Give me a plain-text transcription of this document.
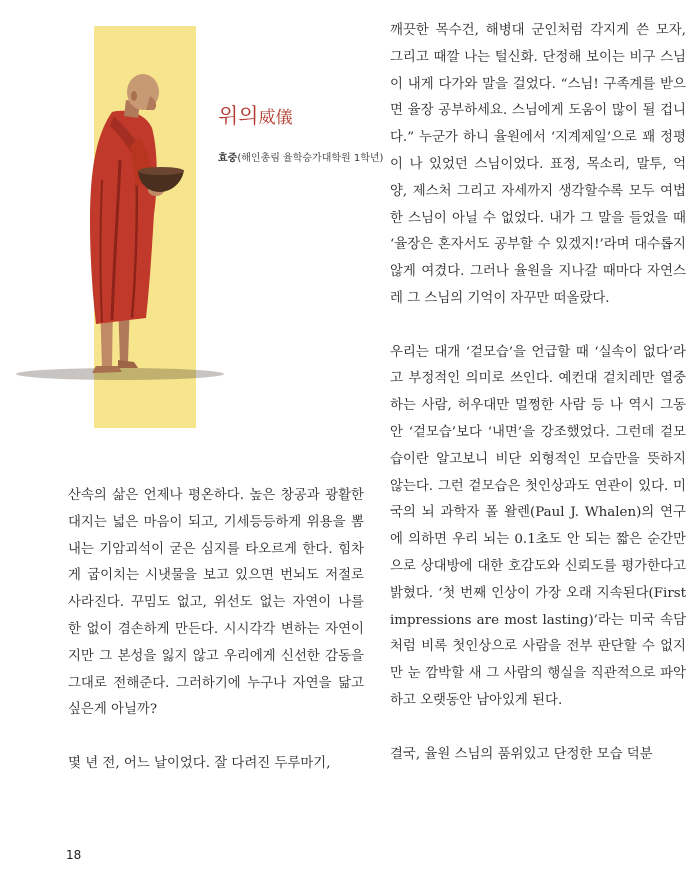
위의威儀
효중(해인총림 율학승가대학원 1학년)

산속의 삶은 언제나 평온하다. 높은 창공과 광활한 대지는 넓은 마음이 되고, 기세등등하게 위용을 뽐내는 기암괴석이 굳은 심지를 타오르게 한다. 힘차게 굽이치는 시냇물을 보고 있으면 번뇌도 저절로 사라진다. 꾸밈도 없고, 위선도 없는 자연이 나를 한 없이 겸손하게 만든다. 시시각각 변하는 자연이지만 그 본성을 잃지 않고 우리에게 신선한 감동을 그대로 전해준다. 그러하기에 누구나 자연을 닮고 싶은게 아닐까?

몇 년 전, 어느 날이었다. 잘 다려진 두루마기,

깨끗한 목수건, 해병대 군인처럼 각지게 쓴 모자, 그리고 때깔 나는 털신화. 단정해 보이는 비구 스님이 내게 다가와 말을 걸었다. “스님! 구족계를 받으면 율장 공부하세요. 스님에게 도움이 많이 될 겁니다.” 누군가 하니 율원에서 ‘지계제일’으로 꽤 정평이 나 있었던 스님이었다. 표정, 목소리, 말투, 억양, 제스처 그리고 자세까지 생각할수록 모두 여법한 스님이 아닐 수 없었다. 내가 그 말을 들었을 때 ‘율장은 혼자서도 공부할 수 있겠지!’라며 대수롭지 않게 여겼다. 그러나 율원을 지나갈 때마다 자연스레 그 스님의 기억이 자꾸만 떠올랐다.

우리는 대개 ‘겉모습’을 언급할 때 ‘실속이 없다’라고 부정적인 의미로 쓰인다. 예컨대 겉치레만 열중하는 사람, 허우대만 멀쩡한 사람 등 나 역시 그동안 ‘겉모습’보다 ‘내면’을 강조했었다. 그런데 겉모습이란 알고보니 비단 외형적인 모습만을 뜻하지 않는다. 그런 겉모습은 첫인상과도 연관이 있다. 미국의 뇌 과학자 폴 왈렌(Paul J. Whalen)의 연구에 의하면 우리 뇌는 0.1초도 안 되는 짧은 순간만으로 상대방에 대한 호감도와 신뢰도를 평가한다고 밝혔다. ‘첫 번째 인상이 가장 오래 지속된다(First impressions are most lasting)’라는 미국 속담처럼 비록 첫인상으로 사람을 전부 판단할 수 없지만 눈 깜박할 새 그 사람의 행실을 직관적으로 파악하고 오랫동안 남아있게 된다.

결국, 율원 스님의 품위있고 단정한 모습 덕분

18
